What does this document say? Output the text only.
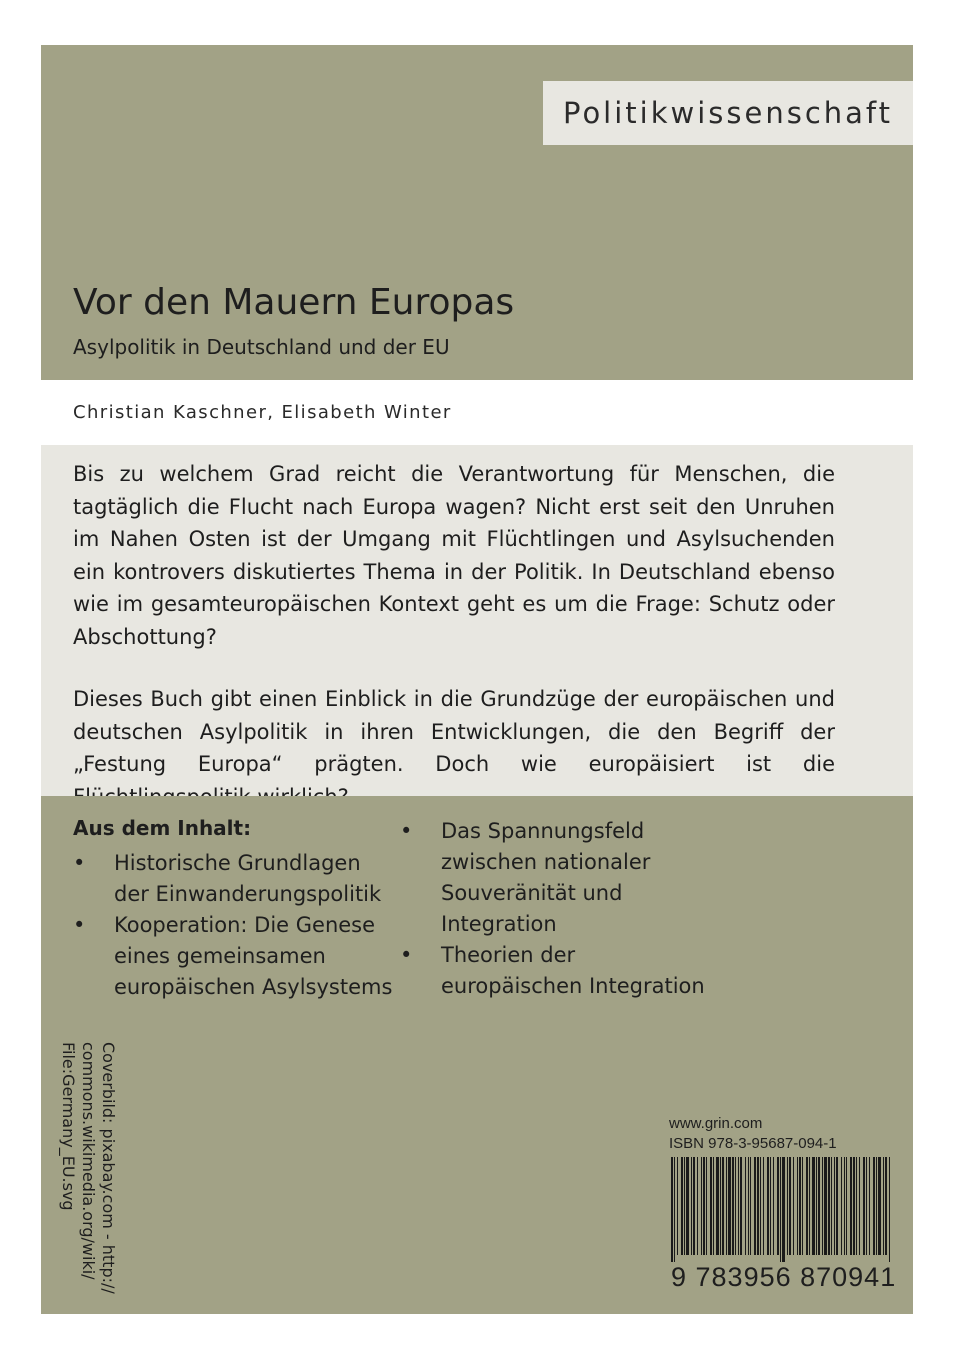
Politikwissenschaft
Vor den Mauern Europas
Asylpolitik in Deutschland und der EU
Christian Kaschner, Elisabeth Winter

Bis zu welchem Grad reicht die Verantwortung für Menschen, die tagtäglich die Flucht nach Europa wagen? Nicht erst seit den Unruhen im Nahen Osten ist der Umgang mit Flüchtlingen und Asylsuchenden ein kontrovers diskutiertes Thema in der Politik. In Deutschland ebenso wie im gesamteuropäischen Kontext geht es um die Frage: Schutz oder Abschottung?

Dieses Buch gibt einen Einblick in die Grundzüge der europäischen und deutschen Asylpolitik in ihren Entwicklungen, die den Begriff der „Festung Europa“ prägten. Doch wie europäisiert ist die

Aus dem Inhalt:
• Historische Grundlagen der Einwanderungspolitik
• Kooperation: Die Genese eines gemeinsamen europäischen Asylsystems
• Das Spannungsfeld zwischen nationaler Souveränität und Integration
• Theorien der europäischen Integration
Coverbild: pixabay.com - http://
commons.wikimedia.org/wiki/
File:Germany_EU.svg	www.grin.com
ISBN 978-3-95687-094-1
9 783956 870941
